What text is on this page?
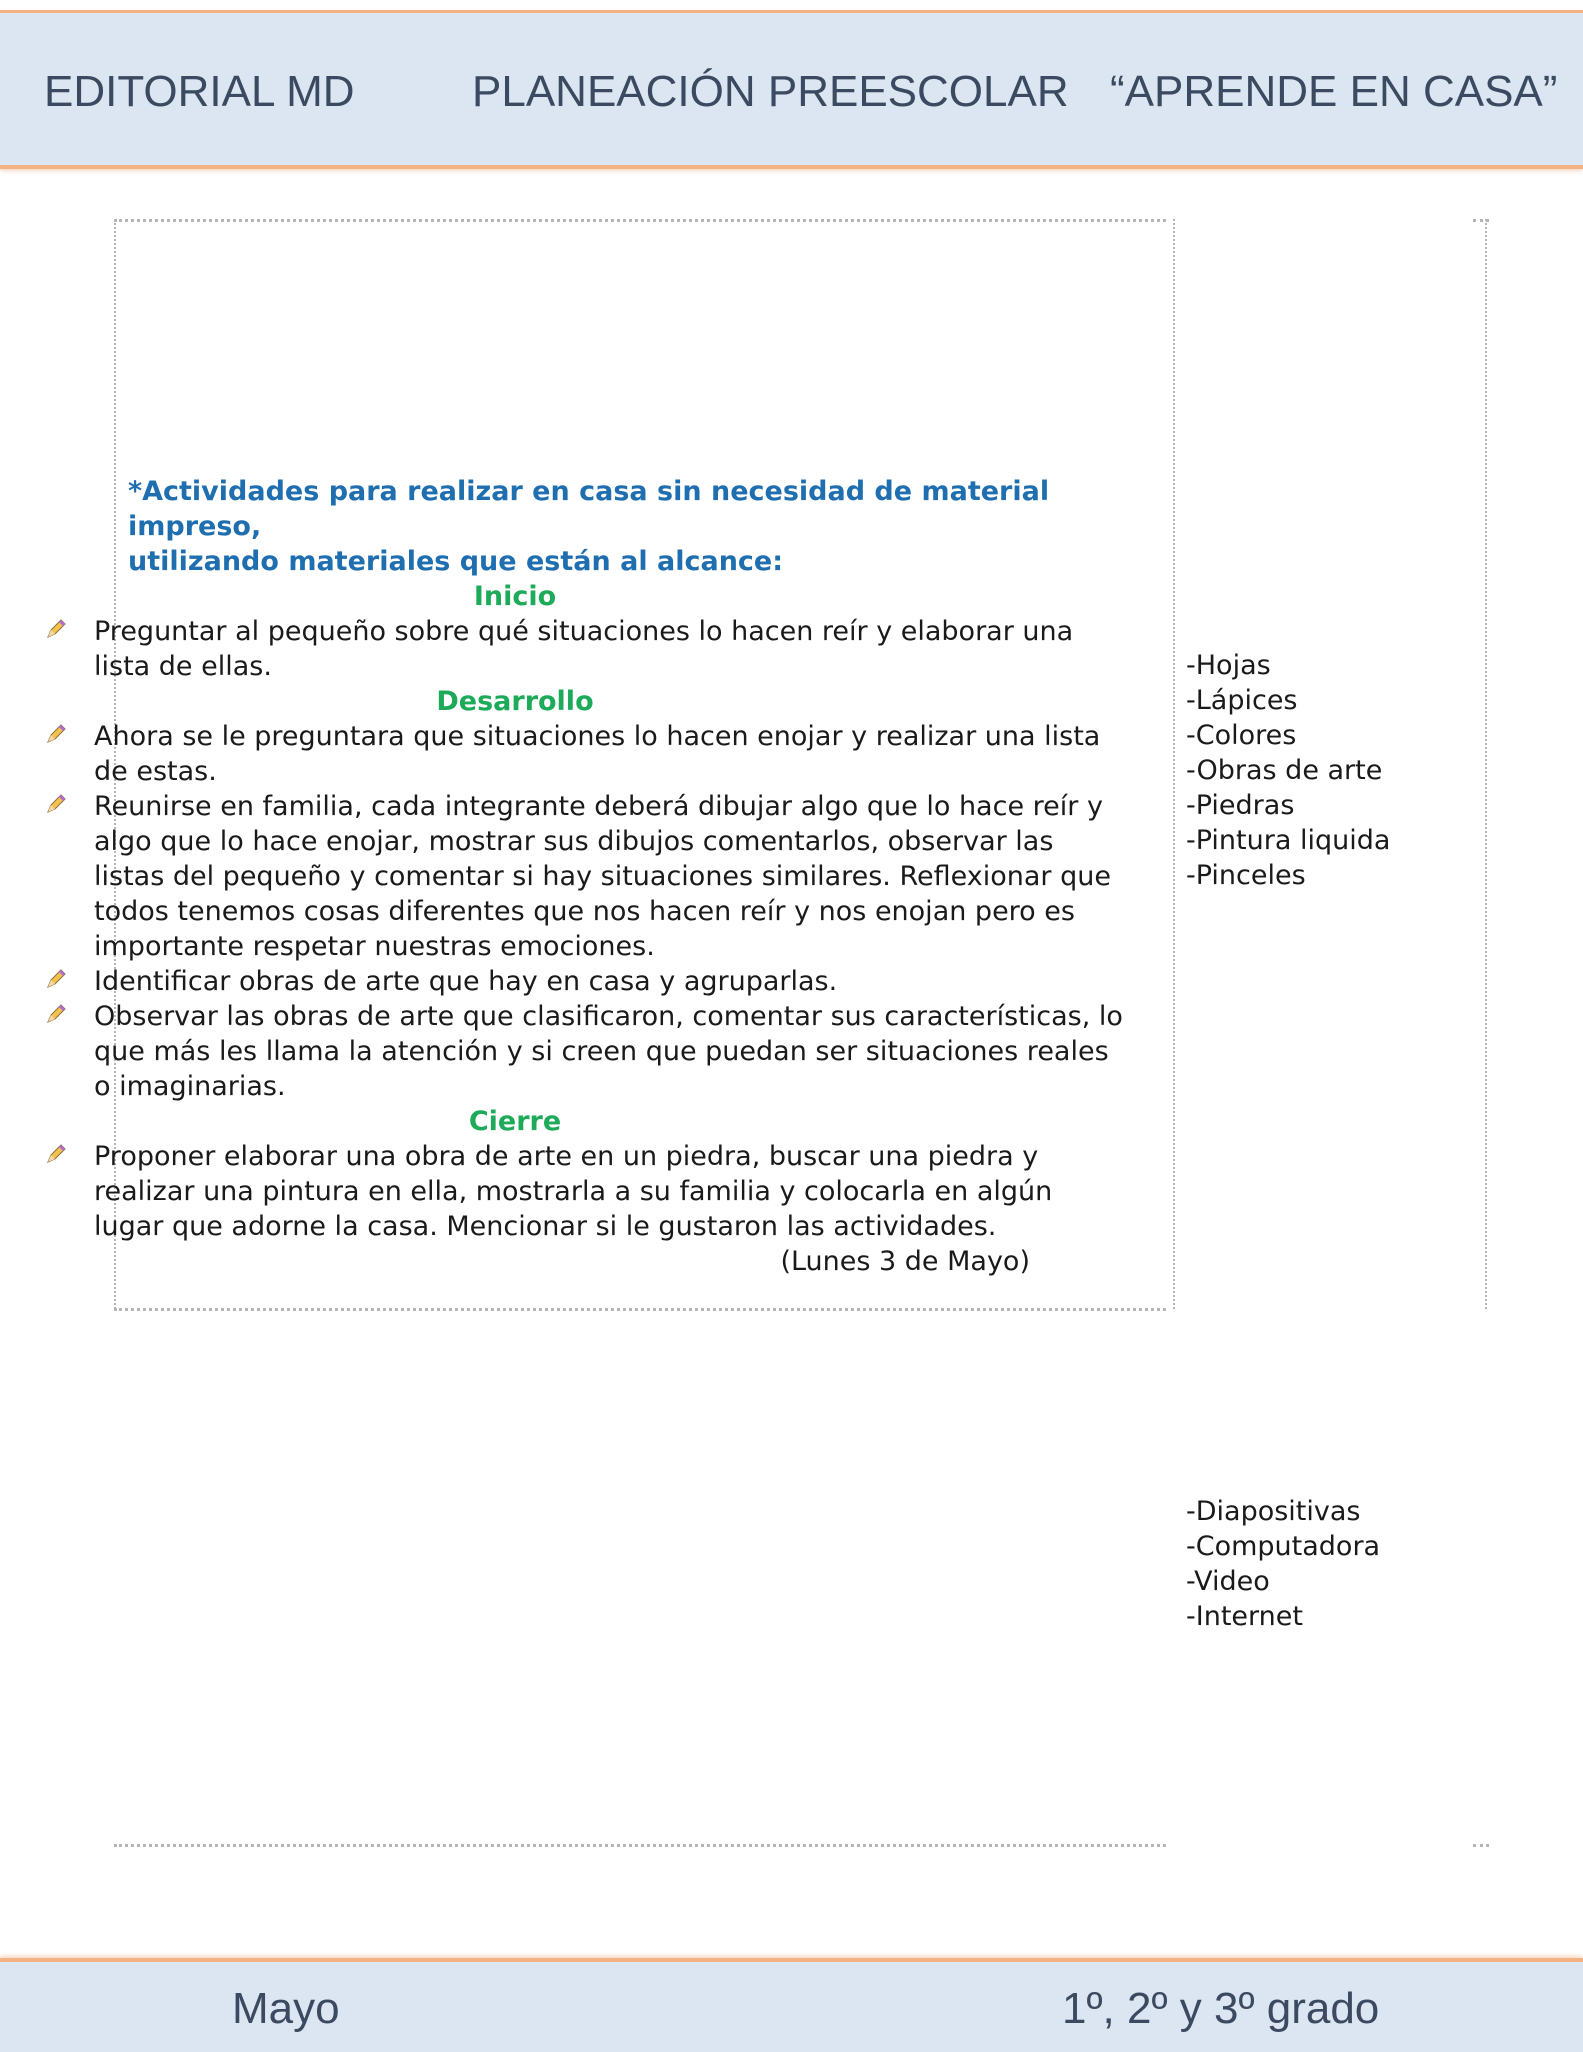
EDITORIAL MD	PLANEACIÓN PREESCOLAR “APRENDE EN CASA”
*Actividades para realizar en casa sin necesidad de material impreso,
utilizando materiales que están al alcance:
Inicio
Preguntar al pequeño sobre qué situaciones lo hacen reír y elaborar una lista de ellas.
Desarrollo
Ahora se le preguntara que situaciones lo hacen enojar y realizar una lista de estas.
Reunirse en familia, cada integrante deberá dibujar algo que lo hace reír y algo que lo hace enojar, mostrar sus dibujos comentarlos, observar las listas del pequeño y comentar si hay situaciones similares. Reflexionar que todos tenemos cosas diferentes que nos hacen reír y nos enojan pero es importante respetar nuestras emociones.
Identificar obras de arte que hay en casa y agruparlas.
Observar las obras de arte que clasificaron, comentar sus características, lo que más les llama la atención y si creen que puedan ser situaciones reales o imaginarias.
Cierre
Proponer elaborar una obra de arte en un piedra, buscar una piedra y realizar una pintura en ella, mostrarla a su familia y colocarla en algún lugar que adorne la casa. Mencionar si le gustaron las actividades.
(Lunes 3 de Mayo)
-Hojas
-Lápices
-Colores
-Obras de arte
-Piedras
-Pintura liquida
-Pinceles
-Diapositivas
-Computadora
-Video
-Internet
Mayo	1º, 2º y 3º grado
